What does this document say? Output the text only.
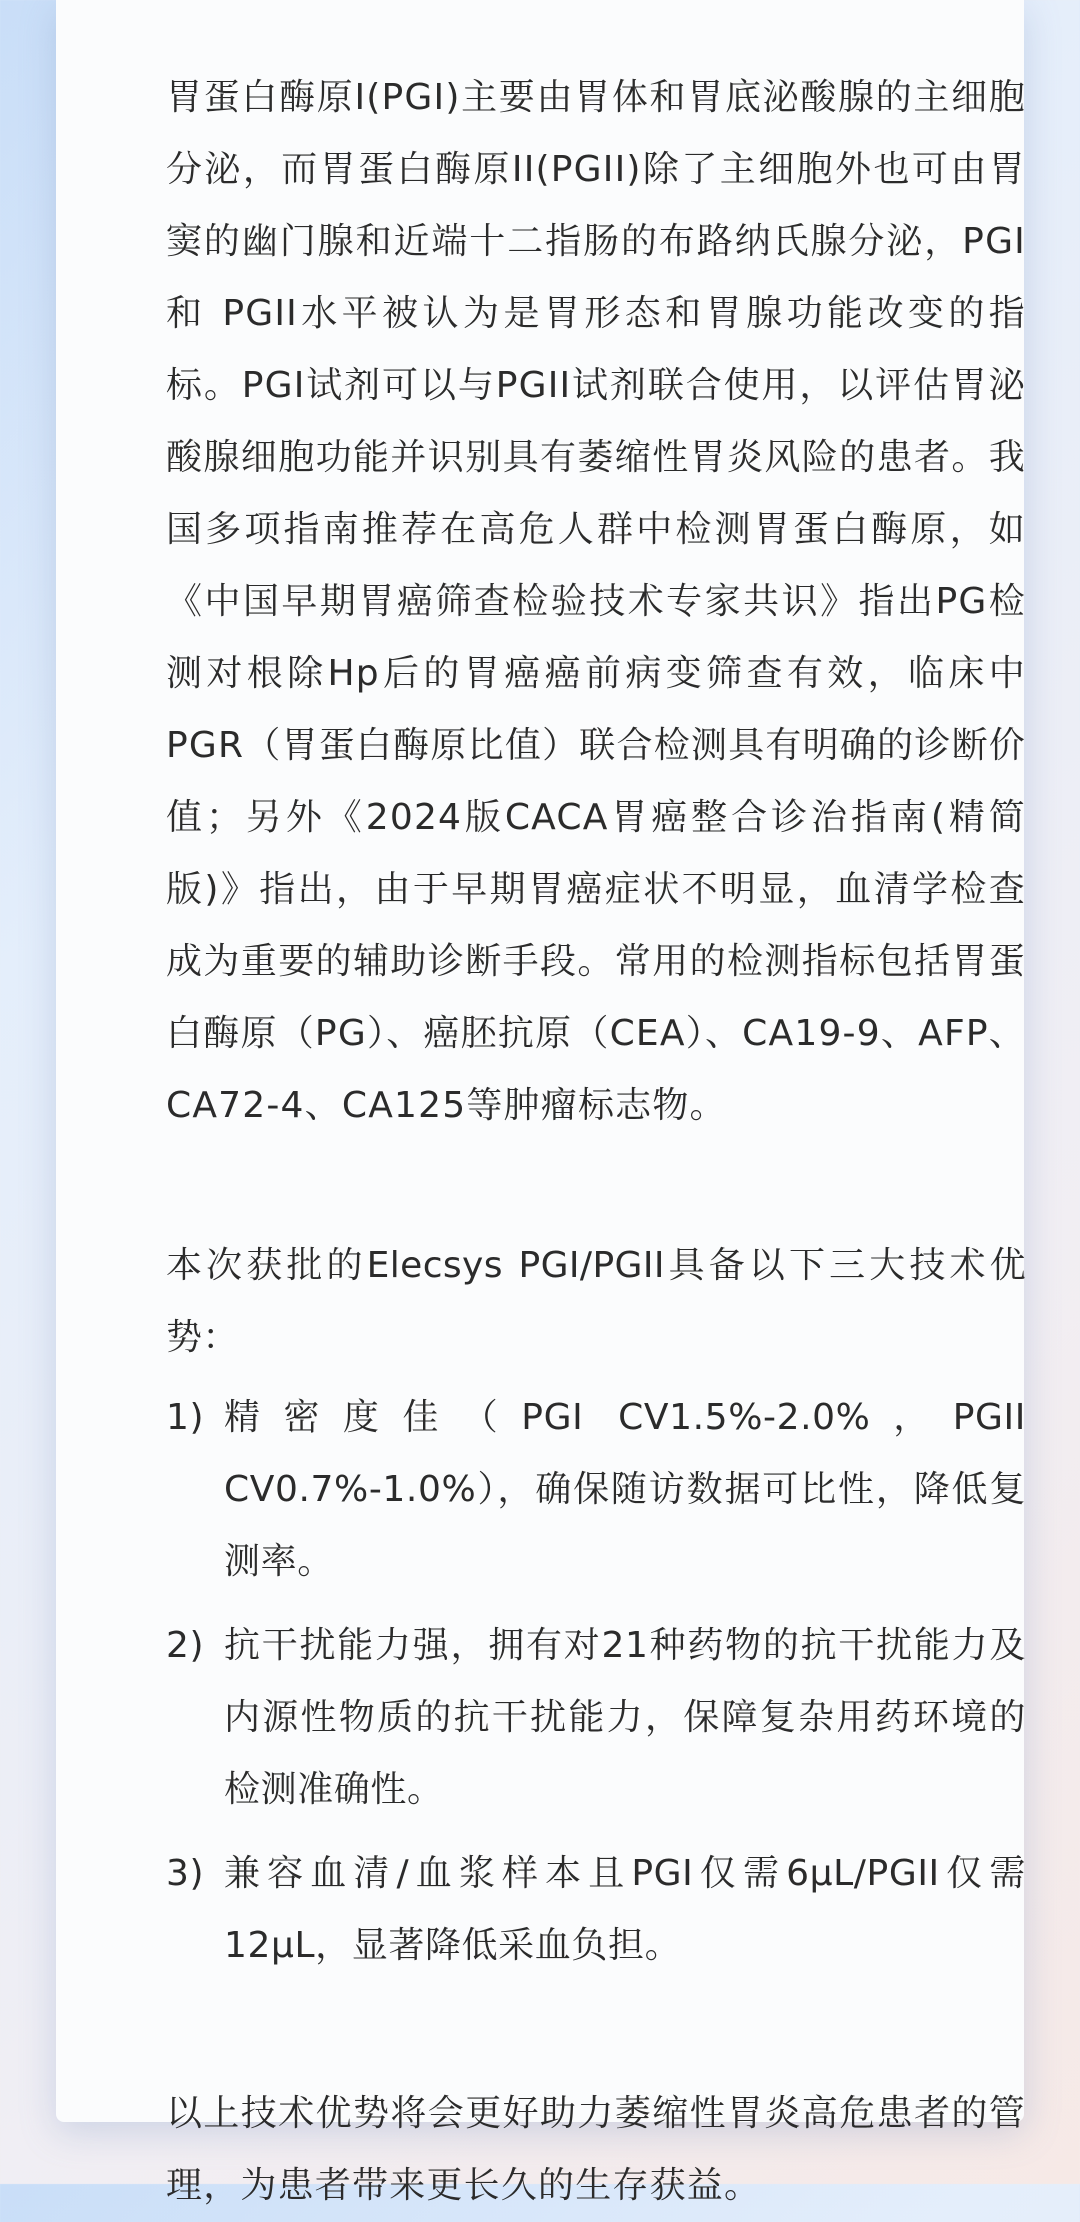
胃蛋白酶原I(PGI)主要由胃体和胃底泌酸腺的主细胞分泌，而胃蛋白酶原II(PGII)除了主细胞外也可由胃窦的幽门腺和近端十二指肠的布路纳氏腺分泌，PGI和 PGII水平被认为是胃形态和胃腺功能改变的指标。PGI试剂可以与PGII试剂联合使用，以评估胃泌酸腺细胞功能并识别具有萎缩性胃炎风险的患者。我国多项指南推荐在高危人群中检测胃蛋白酶原，如《中国早期胃癌筛查检验技术专家共识》指出PG检测对根除Hp后的胃癌癌前病变筛查有效，临床中PGR（胃蛋白酶原比值）联合检测具有明确的诊断价值；另外《2024版CACA胃癌整合诊治指南(精简版)》指出，由于早期胃癌症状不明显，血清学检查成为重要的辅助诊断手段。常用的检测指标包括胃蛋白酶原（PG）、癌胚抗原（CEA）、CA19-9、AFP、CA72-4、CA125等肿瘤标志物。

本次获批的Elecsys PGI/PGII具备以下三大技术优势：

1) 精密度佳（PGI CV1.5%-2.0%，PGII CV0.7%-1.0%），确保随访数据可比性，降低复测率。
2) 抗干扰能力强，拥有对21种药物的抗干扰能力及内源性物质的抗干扰能力，保障复杂用药环境的检测准确性。
3) 兼容血清/血浆样本且PGI仅需6μL/PGII仅需12μL，显著降低采血负担。

以上技术优势将会更好助力萎缩性胃炎高危患者的管理，为患者带来更长久的生存获益。
